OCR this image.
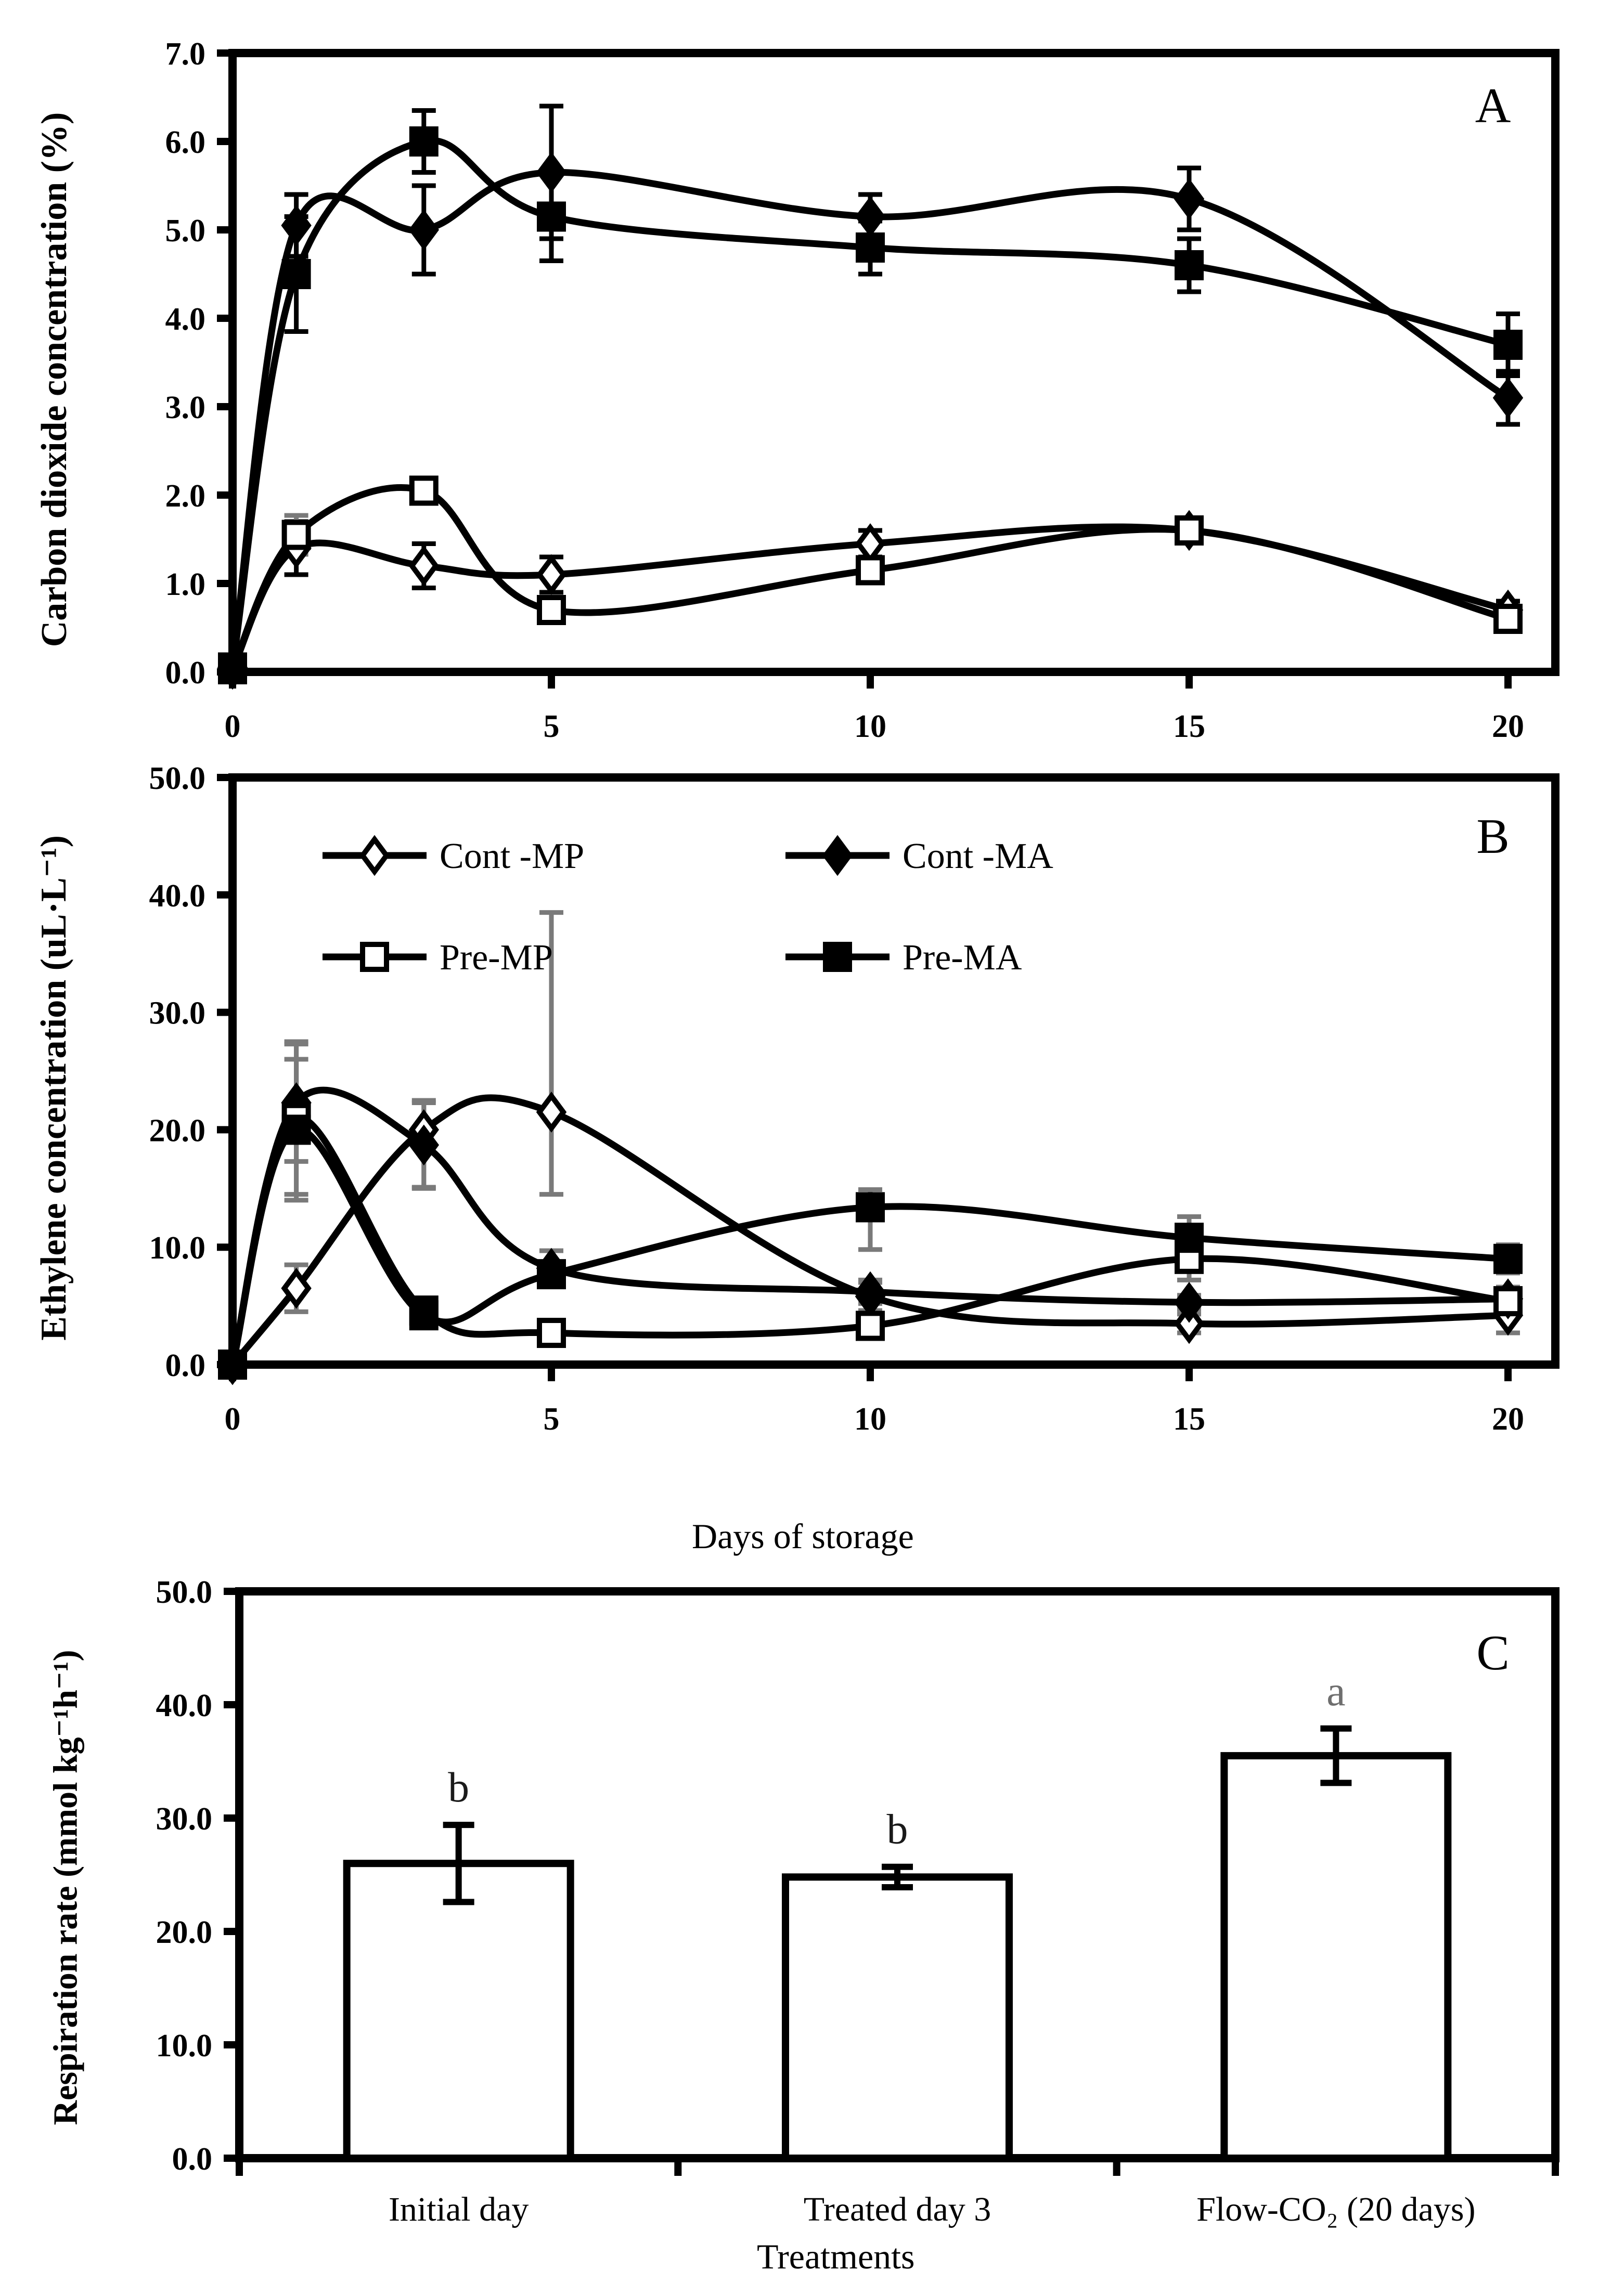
Carbon dioxide concentration (%)
Ethylene concentration (uL·L⁻¹)
Respiration rate (mmol kg⁻¹h⁻¹)
Days of storage
Treatments
0.0
1.0
2.0
3.0
4.0
5.0
6.0
7.0
0	5	10	15	20
A
0.0
10.0
20.0
30.0
40.0
50.0
0	5	10	15	20
Cont -MP	Cont -MA
Pre-MP	Pre-MA
B
0.0
10.0
20.0
30.0
40.0
50.0
b
Initial day
b
Treated day 3
a
Flow-CO₂ (20 days)
C
